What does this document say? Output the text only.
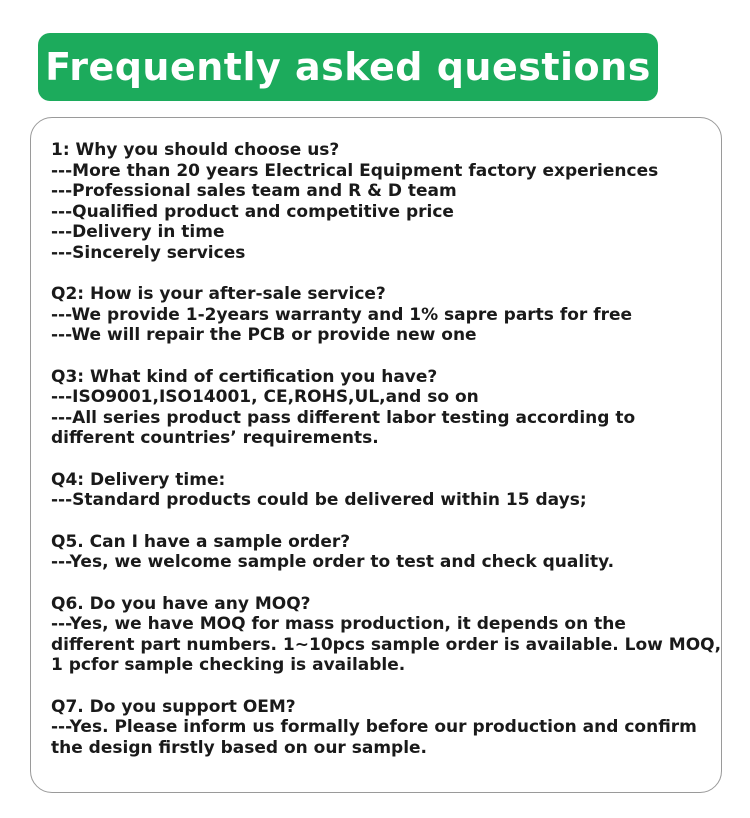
Frequently asked questions
1: Why you should choose us?
---More than 20 years Electrical Equipment factory experiences
---Professional sales team and R & D team
---Qualified product and competitive price
---Delivery in time
---Sincerely services
Q2: How is your after-sale service?
---We provide 1-2years warranty and 1% sapre parts for free
---We will repair the PCB or provide new one
Q3: What kind of certification you have?
---ISO9001,ISO14001, CE,ROHS,UL,and so on
---All series product pass different labor testing according to
different countries’ requirements.
Q4: Delivery time:
---Standard products could be delivered within 15 days;
Q5. Can I have a sample order?
---Yes, we welcome sample order to test and check quality.
Q6. Do you have any MOQ?
---Yes, we have MOQ for mass production, it depends on the
different part numbers. 1~10pcs sample order is available. Low MOQ,
1 pcfor sample checking is available.
Q7. Do you support OEM?
---Yes. Please inform us formally before our production and confirm
the design firstly based on our sample.
